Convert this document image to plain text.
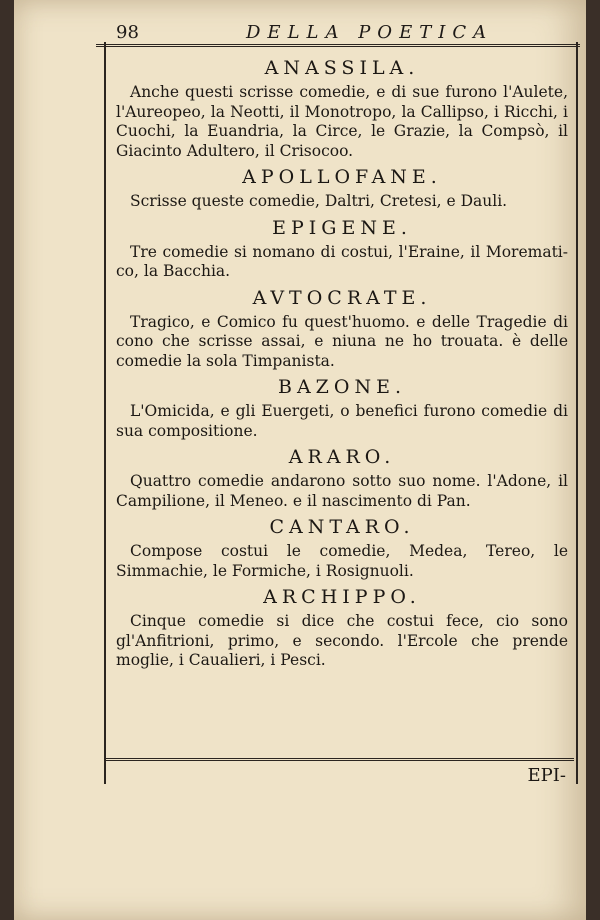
98	DELLA POETICA
ANASSILA.

Anche questi scrisse comedie, e di sue furono l'Aulete, l'Aureopeo, la Neotti, il Monotropo, la Callipso, i Ricchi, i Cuochi, la Euandria, la Circe, le Grazie, la Compsò, il Giacinto Adultero, il Crisocoo.

APOLLOFANE.

Scrisse queste comedie, Daltri, Cretesi, e Dauli.

EPIGENE.

Tre comedie si nomano di costui, l'Eraine, il Moremati-co, la Bacchia.

AVTOCRATE.

Tragico, e Comico fu quest'huomo. e delle Tragedie di cono che scrisse assai, e niuna ne ho trouata. è delle comedie la sola Timpanista.

BAZONE.

L'Omicida, e gli Euergeti, o benefici furono comedie di sua compositione.

ARARO.

Quattro comedie andarono sotto suo nome. l'Adone, il Campilione, il Meneo. e il nascimento di Pan.

CANTARO.

Compose costui le comedie, Medea, Tereo, le Simmachie, le Formiche, i Rosignuoli.

ARCHIPPO.

Cinque comedie si dice che costui fece, cio sono gl'Anfitrioni, primo, e secondo. l'Ercole che prende moglie, i Caualieri, i Pesci.

EPI-
